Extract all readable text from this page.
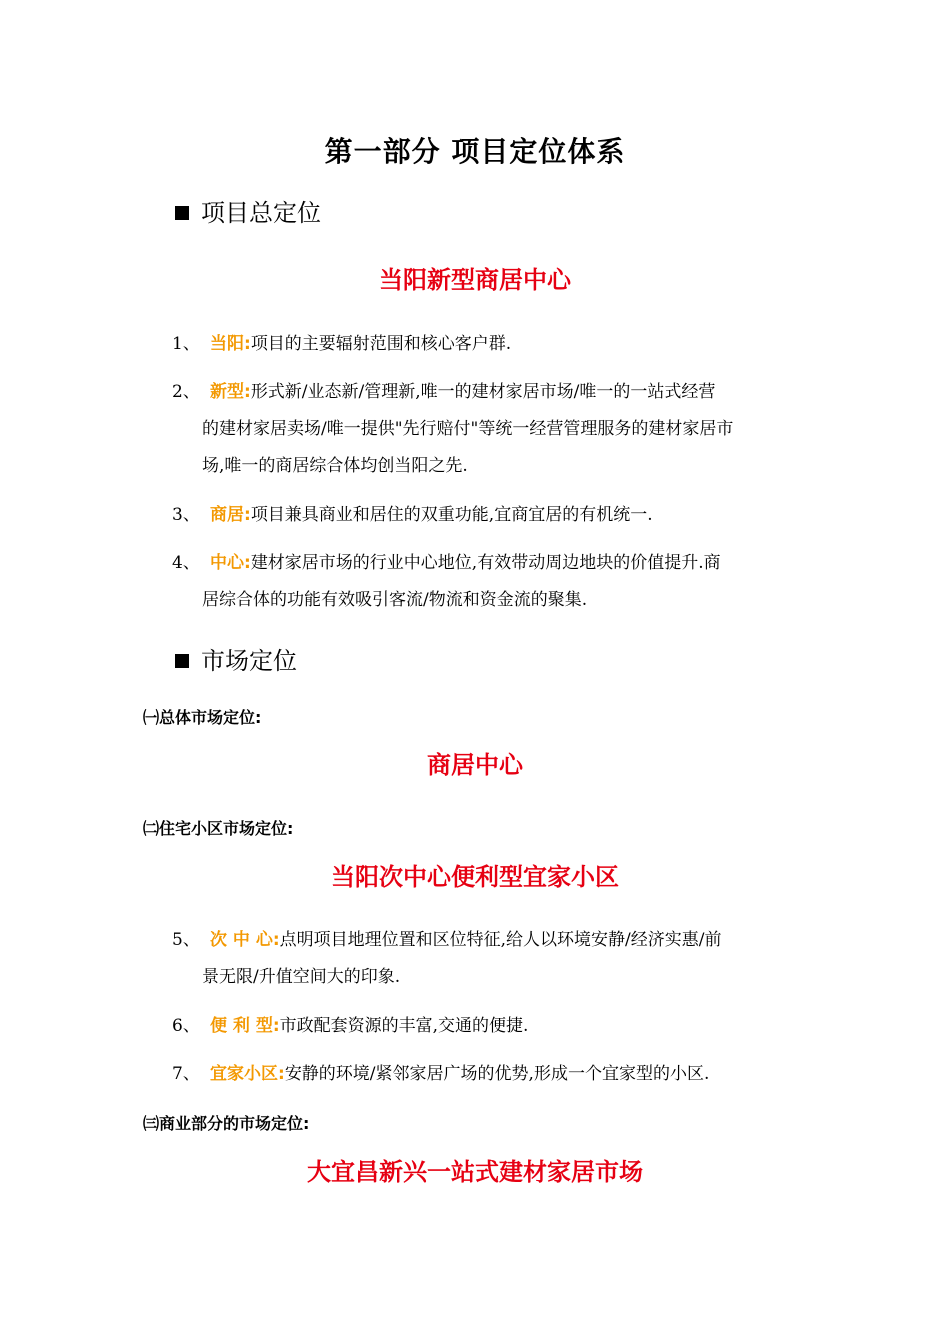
第一部分 项目定位体系
项目总定位
当阳新型商居中心
1、 当阳:项目的主要辐射范围和核心客户群.
2、 新型:形式新/业态新/管理新,唯一的建材家居市场/唯一的一站式经营
的建材家居卖场/唯一提供"先行赔付"等统一经营管理服务的建材家居市
场,唯一的商居综合体均创当阳之先.
3、 商居:项目兼具商业和居住的双重功能,宜商宜居的有机统一.
4、 中心:建材家居市场的行业中心地位,有效带动周边地块的价值提升.商
居综合体的功能有效吸引客流/物流和资金流的聚集.
市场定位
㈠总体市场定位:
商居中心
㈡住宅小区市场定位:
当阳次中心便利型宜家小区
5、 次 中 心:点明项目地理位置和区位特征,给人以环境安静/经济实惠/前
景无限/升值空间大的印象.
6、 便 利 型:市政配套资源的丰富,交通的便捷.
7、 宜家小区:安静的环境/紧邻家居广场的优势,形成一个宜家型的小区.
㈢商业部分的市场定位:
大宜昌新兴一站式建材家居市场
